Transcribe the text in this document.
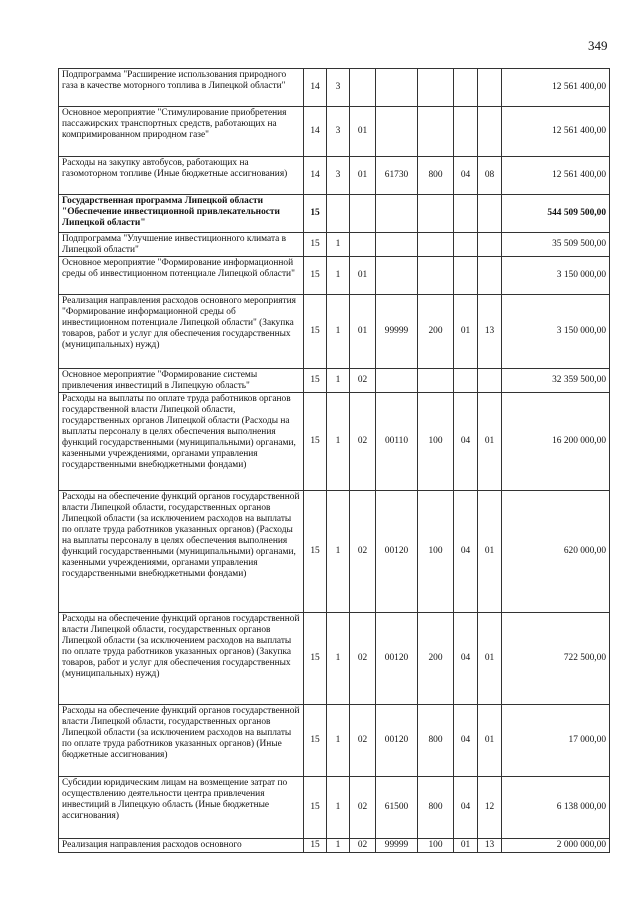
349
Подпрограмма "Расширение использования природного газа в качестве моторного топлива в Липецкой области"	14	3						12 561 400,00
Основное мероприятие "Стимулирование приобретения пассажирских транспортных средств, работающих на компримированном природном газе"	14	3	01					12 561 400,00
Расходы на закупку автобусов, работающих на газомоторном топливе (Иные бюджетные ассигнования)	14	3	01	61730	800	04	08	12 561 400,00
Государственная программа Липецкой области "Обеспечение инвестиционной привлекательности Липецкой области"	15							544 509 500,00
Подпрограмма "Улучшение инвестиционного климата в Липецкой области"	15	1						35 509 500,00
Основное мероприятие "Формирование информационной среды об инвестиционном потенциале Липецкой области"	15	1	01					3 150 000,00
Реализация направления расходов основного мероприятия "Формирование информационной среды об инвестиционном потенциале Липецкой области" (Закупка товаров, работ и услуг для обеспечения государственных (муниципальных) нужд)	15	1	01	99999	200	01	13	3 150 000,00
Основное мероприятие "Формирование системы привлечения инвестиций в Липецкую область"	15	1	02					32 359 500,00
Расходы на выплаты по оплате труда работников органов государственной власти Липецкой области, государственных органов Липецкой области (Расходы на выплаты персоналу в целях обеспечения выполнения функций государственными (муниципальными) органами, казенными учреждениями, органами управления государственными внебюджетными фондами)	15	1	02	00110	100	04	01	16 200 000,00
Расходы на обеспечение функций органов государственной власти Липецкой области, государственных органов Липецкой области (за исключением расходов на выплаты по оплате труда работников указанных органов) (Расходы на выплаты персоналу в целях обеспечения выполнения функций государственными (муниципальными) органами, казенными учреждениями, органами управления государственными внебюджетными фондами)	15	1	02	00120	100	04	01	620 000,00
Расходы на обеспечение функций органов государственной власти Липецкой области, государственных органов Липецкой области (за исключением расходов на выплаты по оплате труда работников указанных органов) (Закупка товаров, работ и услуг для обеспечения государственных (муниципальных) нужд)	15	1	02	00120	200	04	01	722 500,00
Расходы на обеспечение функций органов государственной власти Липецкой области, государственных органов Липецкой области (за исключением расходов на выплаты по оплате труда работников указанных органов) (Иные бюджетные ассигнования)	15	1	02	00120	800	04	01	17 000,00
Субсидии юридическим лицам на возмещение затрат по осуществлению деятельности центра привлечения инвестиций в Липецкую область (Иные бюджетные ассигнования)	15	1	02	61500	800	04	12	6 138 000,00
Реализация направления расходов основного	15	1	02	99999	100	01	13	2 000 000,00
